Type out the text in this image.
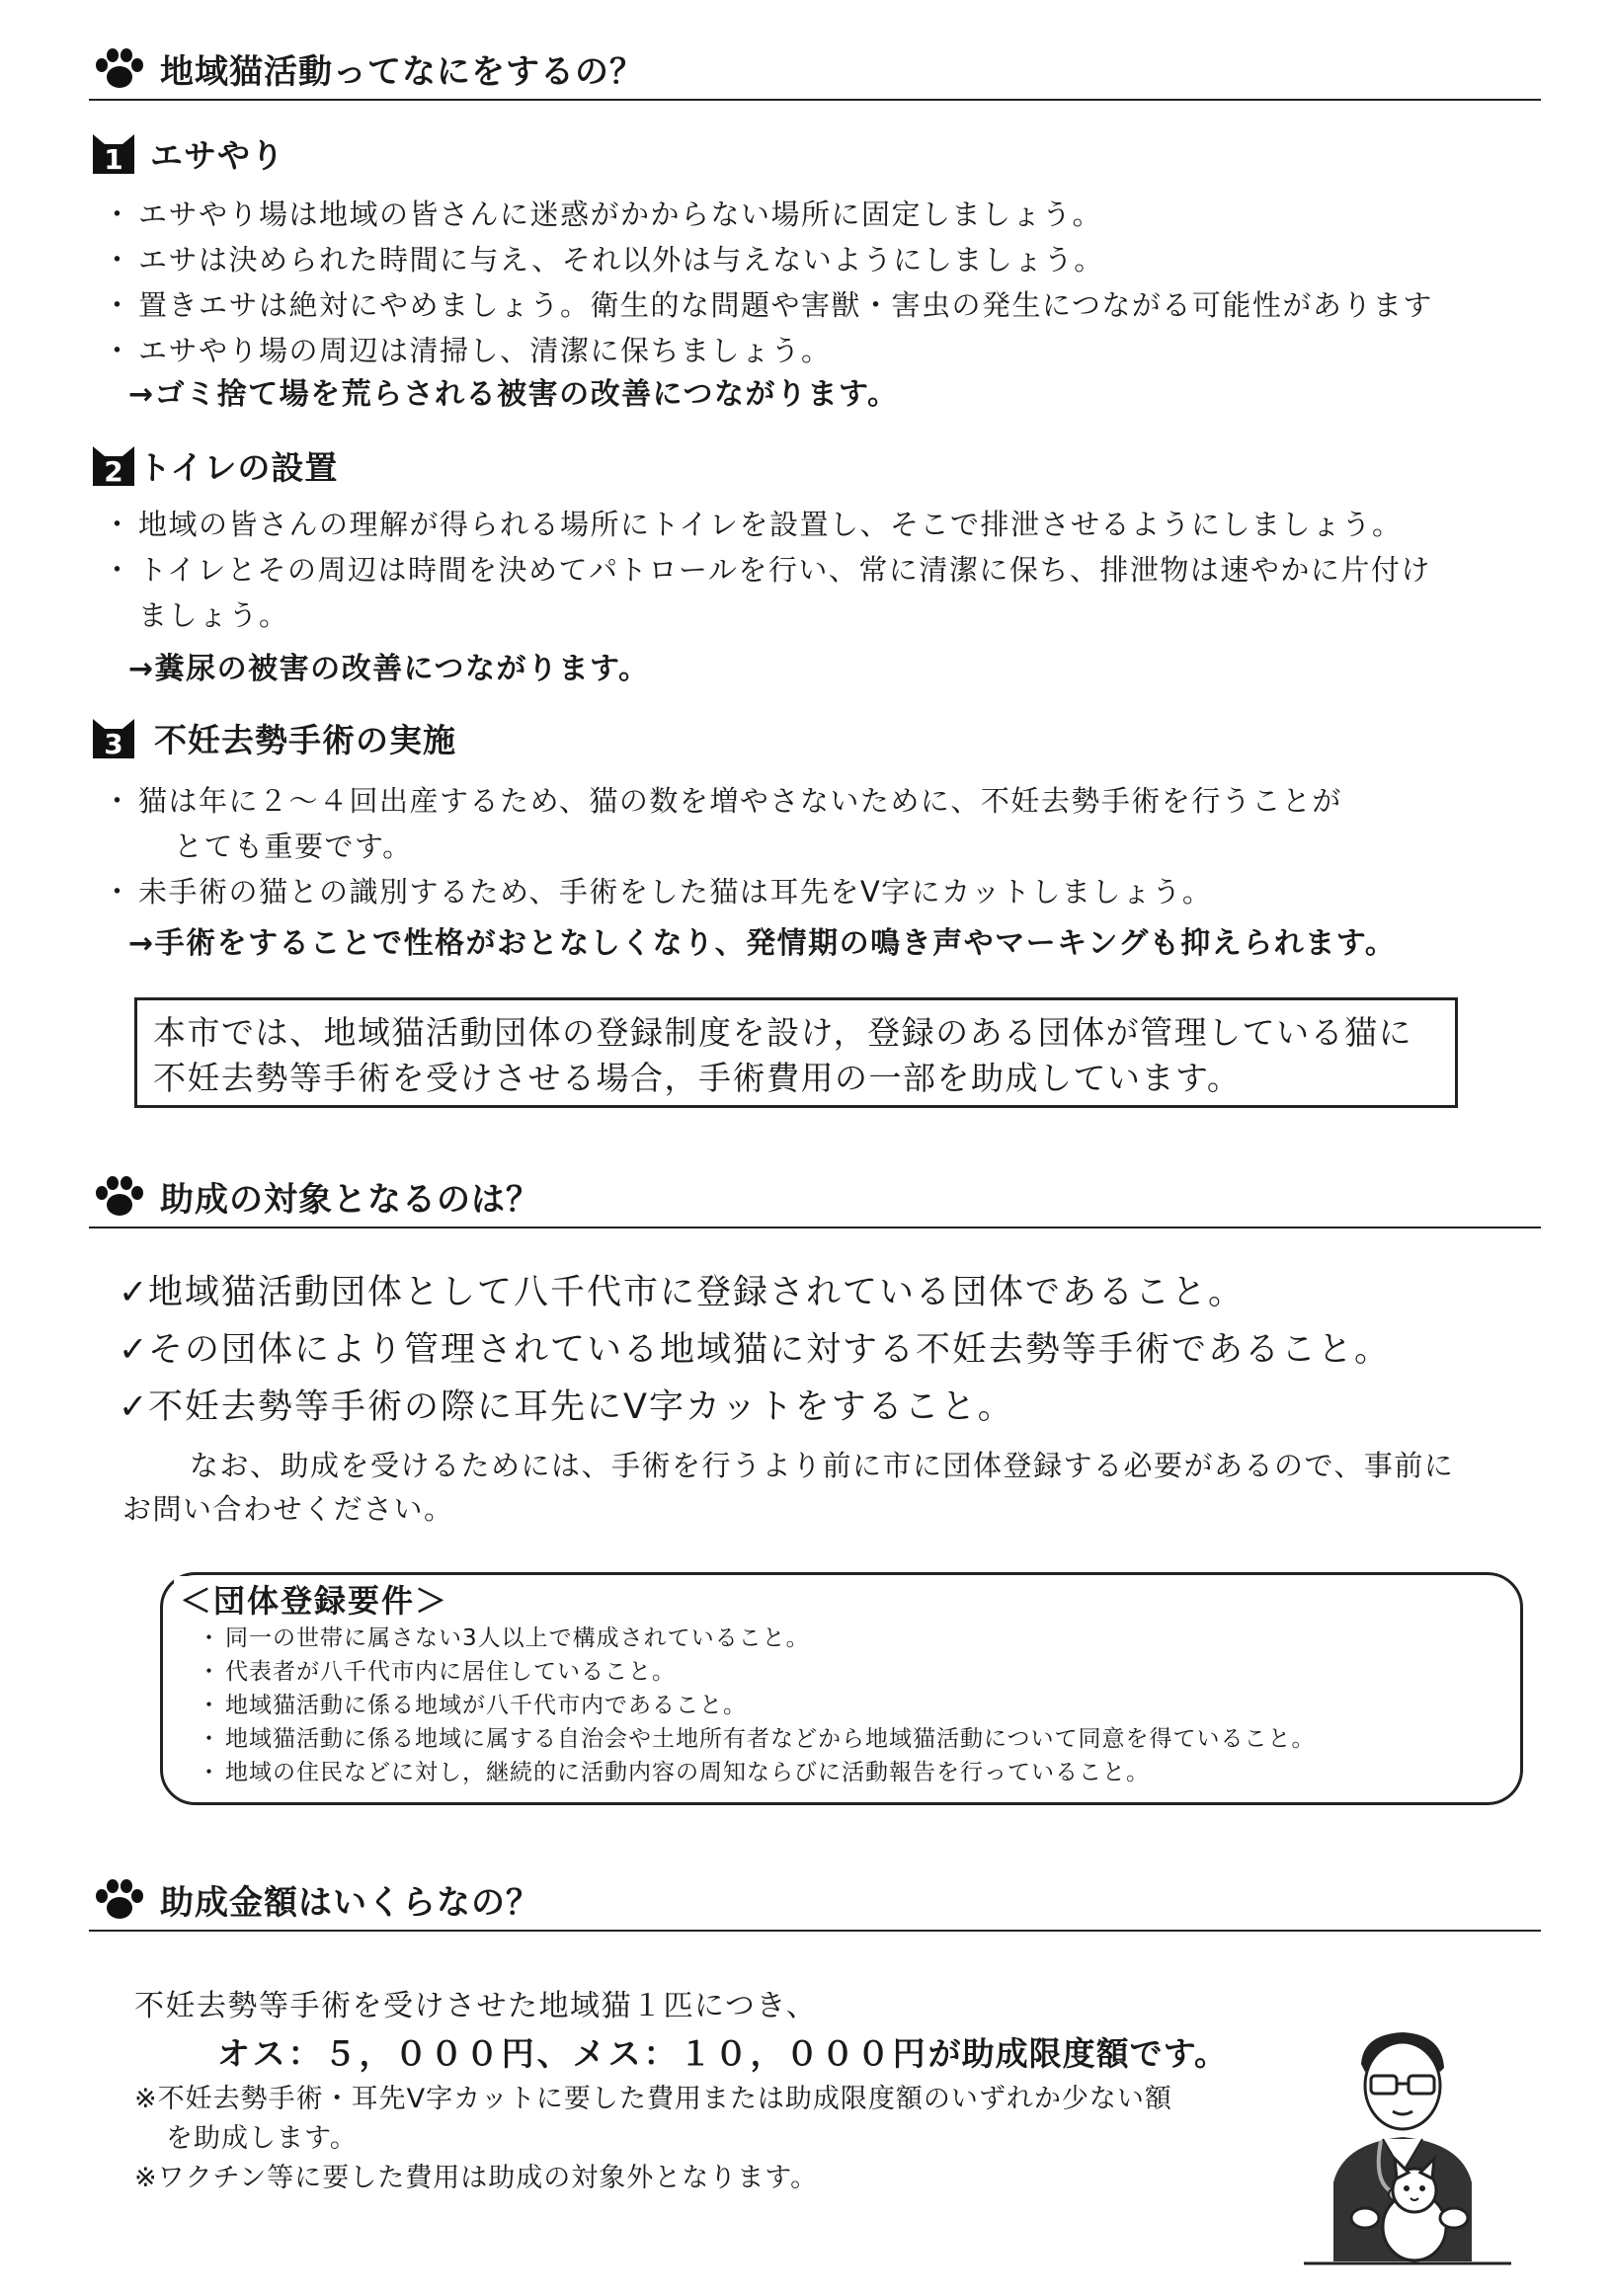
地域猫活動ってなにをするの？
1 エサやり
・ エサやり場は地域の皆さんに迷惑がかからない場所に固定しましょう。
・ エサは決められた時間に与え、それ以外は与えないようにしましょう。
・ 置きエサは絶対にやめましょう。衛生的な問題や害獣・害虫の発生につながる可能性があります
・ エサやり場の周辺は清掃し、清潔に保ちましょう。
→ゴミ捨て場を荒らされる被害の改善につながります。
2 トイレの設置
・ 地域の皆さんの理解が得られる場所にトイレを設置し、そこで排泄させるようにしましょう。
・ トイレとその周辺は時間を決めてパトロールを行い、常に清潔に保ち、排泄物は速やかに片付け
ましょう。
→糞尿の被害の改善につながります。
3 不妊去勢手術の実施
・ 猫は年に２～４回出産するため、猫の数を増やさないために、不妊去勢手術を行うことが
とても重要です。
・ 未手術の猫との識別するため、手術をした猫は耳先をV字にカットしましょう。
→手術をすることで性格がおとなしくなり、発情期の鳴き声やマーキングも抑えられます。
本市では、地域猫活動団体の登録制度を設け，登録のある団体が管理している猫に
不妊去勢等手術を受けさせる場合，手術費用の一部を助成しています。
助成の対象となるのは？
✓地域猫活動団体として八千代市に登録されている団体であること。
✓その団体により管理されている地域猫に対する不妊去勢等手術であること。
✓不妊去勢等手術の際に耳先にV字カットをすること。
なお、助成を受けるためには、手術を行うより前に市に団体登録する必要があるので、事前に
お問い合わせください。
＜団体登録要件＞
・ 同一の世帯に属さない3人以上で構成されていること。
・ 代表者が八千代市内に居住していること。
・ 地域猫活動に係る地域が八千代市内であること。
・ 地域猫活動に係る地域に属する自治会や土地所有者などから地域猫活動について同意を得ていること。
・ 地域の住民などに対し，継続的に活動内容の周知ならびに活動報告を行っていること。
助成金額はいくらなの？
不妊去勢等手術を受けさせた地域猫１匹につき、
オス：５，０００円、メス：１０，０００円が助成限度額です。
※不妊去勢手術・耳先V字カットに要した費用または助成限度額のいずれか少ない額
を助成します。
※ワクチン等に要した費用は助成の対象外となります。
